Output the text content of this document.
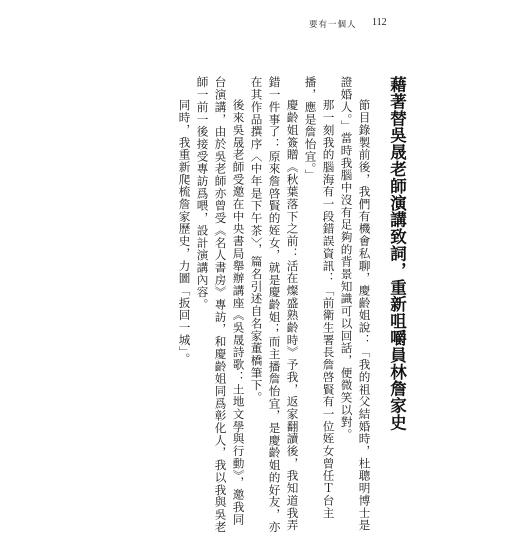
要有一個人 112
藉著替吳晟老師演講致詞，重新咀嚼員林詹家史
節目錄製前後，我們有機會私聊，慶齡姐說：「我的祖父結婚時，杜聰明博士是
證婚人。」當時我腦中沒有足夠的背景知識可以回話，便微笑以對。
那一刻我的腦海有一段錯誤資訊：「前衛生署長詹啓賢有一位姪女曾任Ｔ台主
播，應是詹怡宜。」
慶齡姐簽贈《秋葉落下之前：活在燦盛熟齡時》予我，返家翻讀後，我知道我弄
錯一件事了：原來詹啓賢的姪女，就是慶齡姐；而主播詹怡宜，是慶齡姐的好友，亦
在其作品撰序〈中年是下午茶〉，篇名引述自名家董橋筆下。
後來吳晟老師受邀在中央書局舉辦講座《吳晟詩歌：土地文學與行動》，邀我同
台演講，由於吳老師亦曾受《名人書房》專訪，和慶齡姐同爲彰化人，我以我與吳老
師一前一後接受專訪爲喂，設計演講內容。
同時，我重新爬梳詹家歷史，力圖「扳回一城」。
